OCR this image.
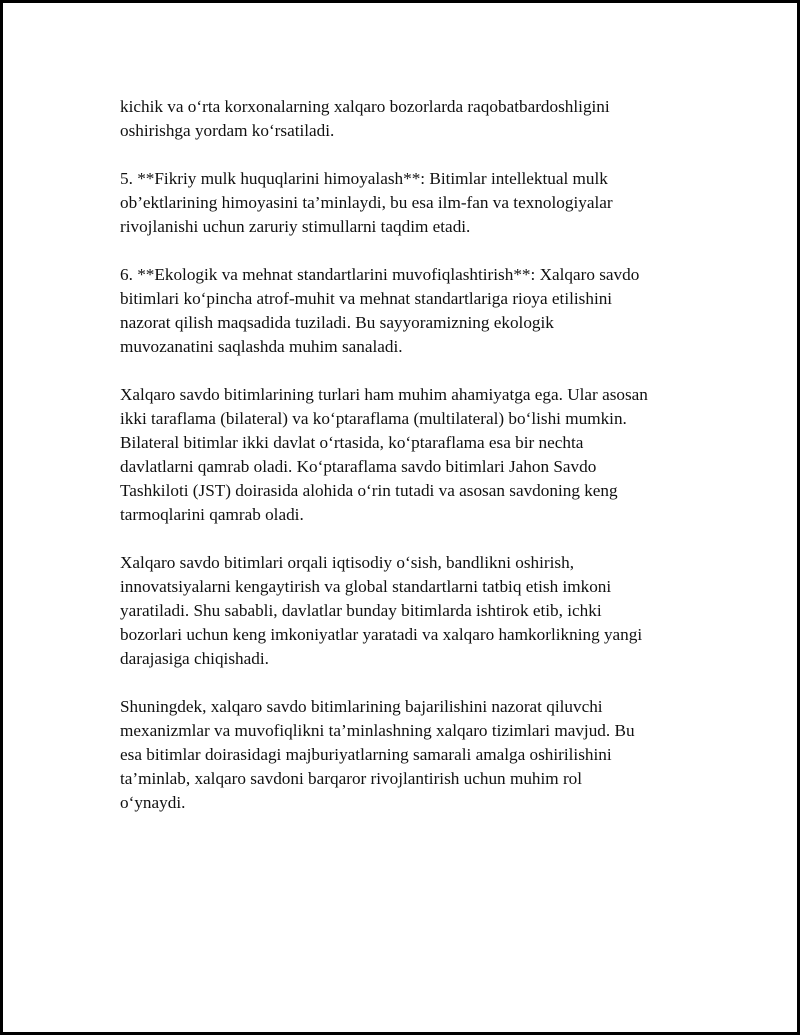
kichik va o‘rta korxonalarning xalqaro bozorlarda raqobatbardoshligini
oshirishga yordam ko‘rsatiladi.

5. **Fikriy mulk huquqlarini himoyalash**: Bitimlar intellektual mulk
ob’ektlarining himoyasini ta’minlaydi, bu esa ilm-fan va texnologiyalar
rivojlanishi uchun zaruriy stimullarni taqdim etadi.

6. **Ekologik va mehnat standartlarini muvofiqlashtirish**: Xalqaro savdo
bitimlari ko‘pincha atrof-muhit va mehnat standartlariga rioya etilishini
nazorat qilish maqsadida tuziladi. Bu sayyoramizning ekologik
muvozanatini saqlashda muhim sanaladi.

Xalqaro savdo bitimlarining turlari ham muhim ahamiyatga ega. Ular asosan
ikki taraflama (bilateral) va ko‘ptaraflama (multilateral) bo‘lishi mumkin.
Bilateral bitimlar ikki davlat o‘rtasida, ko‘ptaraflama esa bir nechta
davlatlarni qamrab oladi. Ko‘ptaraflama savdo bitimlari Jahon Savdo
Tashkiloti (JST) doirasida alohida o‘rin tutadi va asosan savdoning keng
tarmoqlarini qamrab oladi.

Xalqaro savdo bitimlari orqali iqtisodiy o‘sish, bandlikni oshirish,
innovatsiyalarni kengaytirish va global standartlarni tatbiq etish imkoni
yaratiladi. Shu sababli, davlatlar bunday bitimlarda ishtirok etib, ichki
bozorlari uchun keng imkoniyatlar yaratadi va xalqaro hamkorlikning yangi
darajasiga chiqishadi.

Shuningdek, xalqaro savdo bitimlarining bajarilishini nazorat qiluvchi
mexanizmlar va muvofiqlikni ta’minlashning xalqaro tizimlari mavjud. Bu
esa bitimlar doirasidagi majburiyatlarning samarali amalga oshirilishini
ta’minlab, xalqaro savdoni barqaror rivojlantirish uchun muhim rol
o‘ynaydi.
